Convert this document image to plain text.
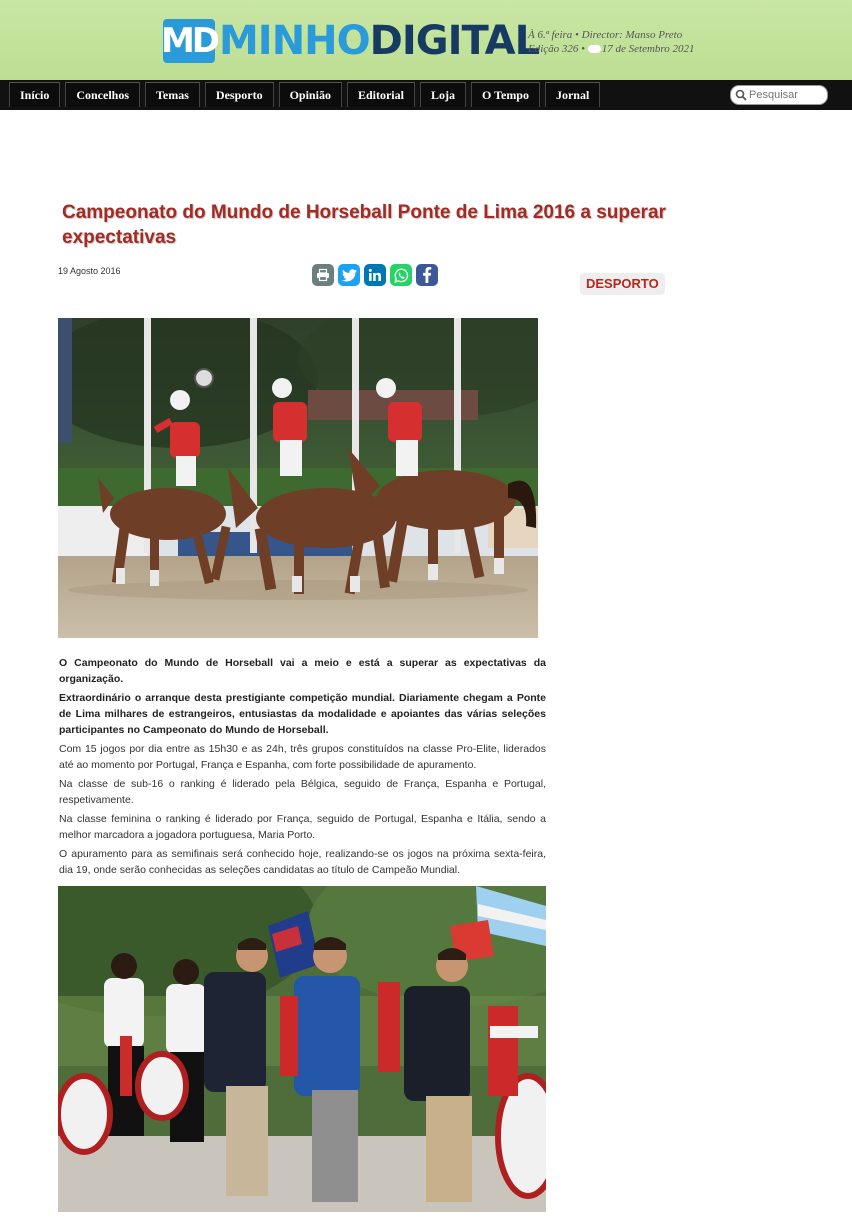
MD MINHO DIGITAL
À 6.ª feira • Director: Manso Preto
Edição 326 • 17 de Setembro 2021
Início	Concelhos	Temas	Desporto	Opinião	Editorial	Loja	O Tempo	Jornal
Pesquisar
Campeonato do Mundo de Horseball Ponte de Lima 2016 a superar expectativas
19 Agosto 2016
DESPORTO

O Campeonato do Mundo de Horseball vai a meio e está a superar as expectativas da organização.

Extraordinário o arranque desta prestigiante competição mundial. Diariamente chegam a Ponte de Lima milhares de estrangeiros, entusiastas da modalidade e apoiantes das várias seleções participantes no Campeonato do Mundo de Horseball.

Com 15 jogos por dia entre as 15h30 e as 24h, três grupos constituídos na classe Pro-Elite, liderados até ao momento por Portugal, França e Espanha, com forte possibilidade de apuramento.

Na classe de sub-16 o ranking é liderado pela Bélgica, seguido de França, Espanha e Portugal, respetivamente.

Na classe feminina o ranking é liderado por França, seguido de Portugal, Espanha e Itália, sendo a melhor marcadora a jogadora portuguesa, Maria Porto.

O apuramento para as semifinais será conhecido hoje, realizando-se os jogos na próxima sexta-feira, dia 19, onde serão conhecidas as seleções candidatas ao título de Campeão Mundial.
